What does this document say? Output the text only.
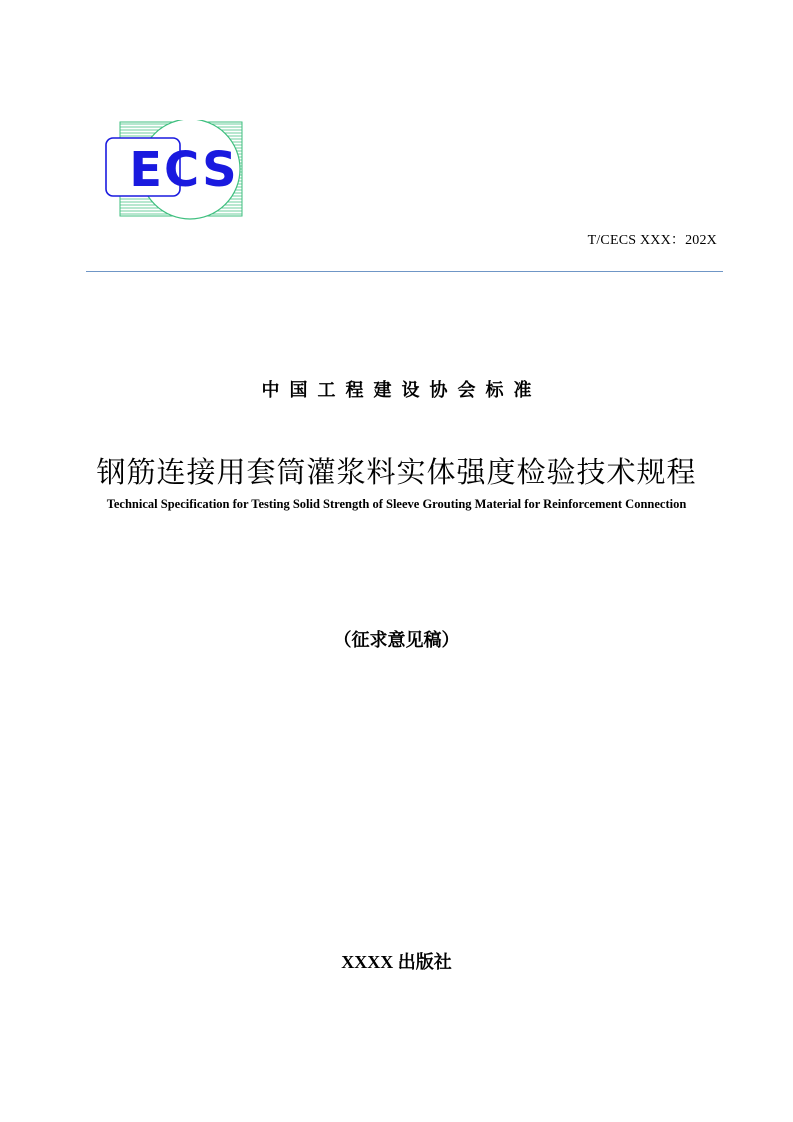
ECS
T/CECS XXX：202X
中国工程建设协会标准
钢筋连接用套筒灌浆料实体强度检验技术规程
Technical Specification for Testing Solid Strength of Sleeve Grouting Material for Reinforcement Connection
（征求意见稿）
XXXX 出版社
